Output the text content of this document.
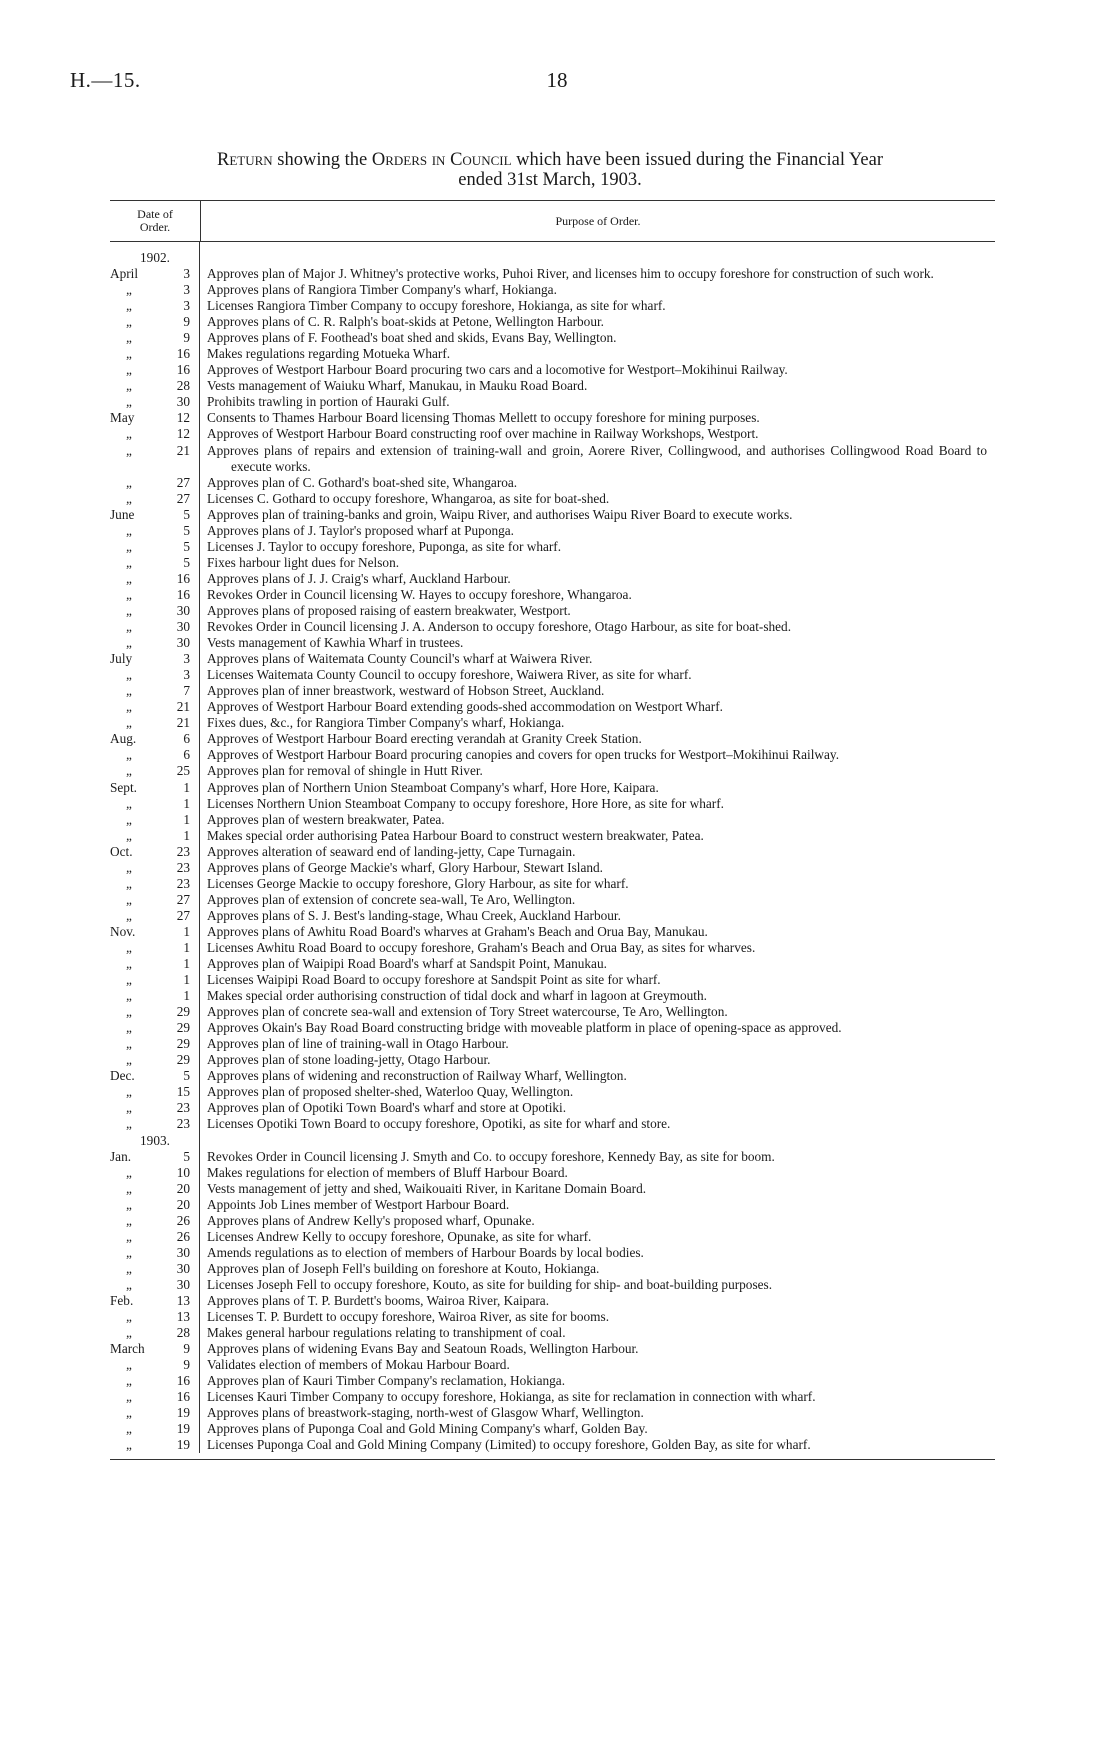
H.—15.	18
Return showing the Orders in Council which have been issued during the Financial Year
ended 31st March, 1903.
Date of
Order.	Purpose of Order.
1902.
April	3	Approves plan of Major J. Whitney's protective works, Puhoi River, and licenses him to occupy foreshore for construction of such work.
„	3	Approves plans of Rangiora Timber Company's wharf, Hokianga.
„	3	Licenses Rangiora Timber Company to occupy foreshore, Hokianga, as site for wharf.
„	9	Approves plans of C. R. Ralph's boat-skids at Petone, Wellington Harbour.
„	9	Approves plans of F. Foothead's boat shed and skids, Evans Bay, Wellington.
„	16	Makes regulations regarding Motueka Wharf.
„	16	Approves of Westport Harbour Board procuring two cars and a locomotive for Westport–Mokihinui Railway.
„	28	Vests management of Waiuku Wharf, Manukau, in Mauku Road Board.
„	30	Prohibits trawling in portion of Hauraki Gulf.
May	12	Consents to Thames Harbour Board licensing Thomas Mellett to occupy foreshore for mining purposes.
„	12	Approves of Westport Harbour Board constructing roof over machine in Railway Workshops, Westport.
„	21	Approves plans of repairs and extension of training-wall and groin, Aorere River, Collingwood, and authorises Collingwood Road Board to execute works.
„	27	Approves plan of C. Gothard's boat-shed site, Whangaroa.
„	27	Licenses C. Gothard to occupy foreshore, Whangaroa, as site for boat-shed.
June	5	Approves plan of training-banks and groin, Waipu River, and authorises Waipu River Board to execute works.
„	5	Approves plans of J. Taylor's proposed wharf at Puponga.
„	5	Licenses J. Taylor to occupy foreshore, Puponga, as site for wharf.
„	5	Fixes harbour light dues for Nelson.
„	16	Approves plans of J. J. Craig's wharf, Auckland Harbour.
„	16	Revokes Order in Council licensing W. Hayes to occupy foreshore, Whangaroa.
„	30	Approves plans of proposed raising of eastern breakwater, Westport.
„	30	Revokes Order in Council licensing J. A. Anderson to occupy foreshore, Otago Harbour, as site for boat-shed.
„	30	Vests management of Kawhia Wharf in trustees.
July	3	Approves plans of Waitemata County Council's wharf at Waiwera River.
„	3	Licenses Waitemata County Council to occupy foreshore, Waiwera River, as site for wharf.
„	7	Approves plan of inner breastwork, westward of Hobson Street, Auckland.
„	21	Approves of Westport Harbour Board extending goods-shed accommodation on Westport Wharf.
„	21	Fixes dues, &c., for Rangiora Timber Company's wharf, Hokianga.
Aug.	6	Approves of Westport Harbour Board erecting verandah at Granity Creek Station.
„	6	Approves of Westport Harbour Board procuring canopies and covers for open trucks for Westport–Mokihinui Railway.
„	25	Approves plan for removal of shingle in Hutt River.
Sept.	1	Approves plan of Northern Union Steamboat Company's wharf, Hore Hore, Kaipara.
„	1	Licenses Northern Union Steamboat Company to occupy foreshore, Hore Hore, as site for wharf.
„	1	Approves plan of western breakwater, Patea.
„	1	Makes special order authorising Patea Harbour Board to construct western breakwater, Patea.
Oct.	23	Approves alteration of seaward end of landing-jetty, Cape Turnagain.
„	23	Approves plans of George Mackie's wharf, Glory Harbour, Stewart Island.
„	23	Licenses George Mackie to occupy foreshore, Glory Harbour, as site for wharf.
„	27	Approves plan of extension of concrete sea-wall, Te Aro, Wellington.
„	27	Approves plans of S. J. Best's landing-stage, Whau Creek, Auckland Harbour.
Nov.	1	Approves plans of Awhitu Road Board's wharves at Graham's Beach and Orua Bay, Manukau.
„	1	Licenses Awhitu Road Board to occupy foreshore, Graham's Beach and Orua Bay, as sites for wharves.
„	1	Approves plan of Waipipi Road Board's wharf at Sandspit Point, Manukau.
„	1	Licenses Waipipi Road Board to occupy foreshore at Sandspit Point as site for wharf.
„	1	Makes special order authorising construction of tidal dock and wharf in lagoon at Greymouth.
„	29	Approves plan of concrete sea-wall and extension of Tory Street watercourse, Te Aro, Wellington.
„	29	Approves Okain's Bay Road Board constructing bridge with moveable platform in place of opening-space as approved.
„	29	Approves plan of line of training-wall in Otago Harbour.
„	29	Approves plan of stone loading-jetty, Otago Harbour.
Dec.	5	Approves plans of widening and reconstruction of Railway Wharf, Wellington.
„	15	Approves plan of proposed shelter-shed, Waterloo Quay, Wellington.
„	23	Approves plan of Opotiki Town Board's wharf and store at Opotiki.
„	23	Licenses Opotiki Town Board to occupy foreshore, Opotiki, as site for wharf and store.
1903.
Jan.	5	Revokes Order in Council licensing J. Smyth and Co. to occupy foreshore, Kennedy Bay, as site for boom.
„	10	Makes regulations for election of members of Bluff Harbour Board.
„	20	Vests management of jetty and shed, Waikouaiti River, in Karitane Domain Board.
„	20	Appoints Job Lines member of Westport Harbour Board.
„	26	Approves plans of Andrew Kelly's proposed wharf, Opunake.
„	26	Licenses Andrew Kelly to occupy foreshore, Opunake, as site for wharf.
„	30	Amends regulations as to election of members of Harbour Boards by local bodies.
„	30	Approves plan of Joseph Fell's building on foreshore at Kouto, Hokianga.
„	30	Licenses Joseph Fell to occupy foreshore, Kouto, as site for building for ship- and boat-building purposes.
Feb.	13	Approves plans of T. P. Burdett's booms, Wairoa River, Kaipara.
„	13	Licenses T. P. Burdett to occupy foreshore, Wairoa River, as site for booms.
„	28	Makes general harbour regulations relating to transhipment of coal.
March	9	Approves plans of widening Evans Bay and Seatoun Roads, Wellington Harbour.
„	9	Validates election of members of Mokau Harbour Board.
„	16	Approves plan of Kauri Timber Company's reclamation, Hokianga.
„	16	Licenses Kauri Timber Company to occupy foreshore, Hokianga, as site for reclamation in connection with wharf.
„	19	Approves plans of breastwork-staging, north-west of Glasgow Wharf, Wellington.
„	19	Approves plans of Puponga Coal and Gold Mining Company's wharf, Golden Bay.
„	19	Licenses Puponga Coal and Gold Mining Company (Limited) to occupy foreshore, Golden Bay, as site for wharf.
